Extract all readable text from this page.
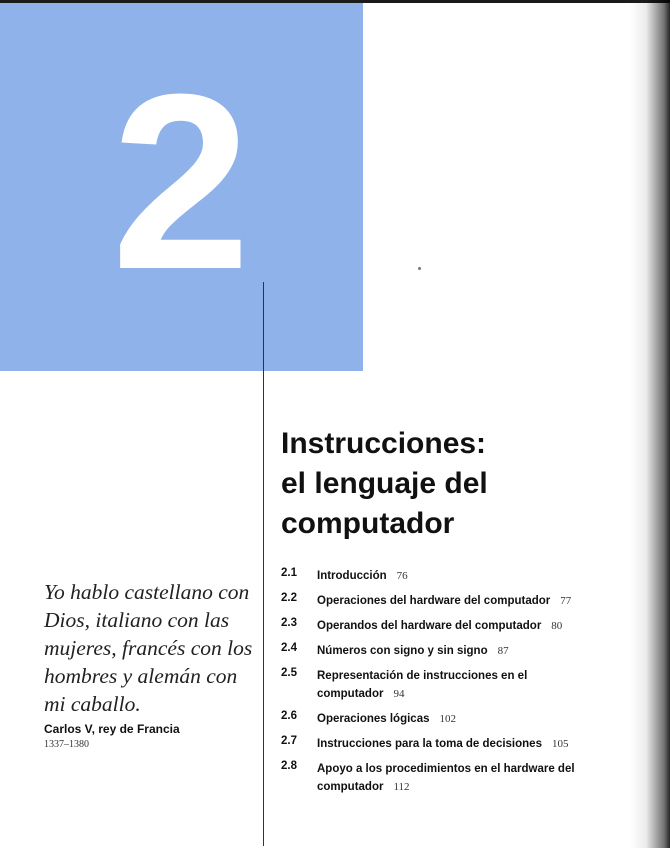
2
Instrucciones:
el lenguaje del
computador
Yo hablo castellano con
Dios, italiano con las
mujeres, francés con los
hombres y alemán con
mi caballo.
Carlos V, rey de Francia
1337–1380
2.1 Introducción 76
2.2 Operaciones del hardware del computador 77
2.3 Operandos del hardware del computador 80
2.4 Números con signo y sin signo 87
2.5 Representación de instrucciones en el computador 94
2.6 Operaciones lógicas 102
2.7 Instrucciones para la toma de decisiones 105
2.8 Apoyo a los procedimientos en el hardware del computador 112
